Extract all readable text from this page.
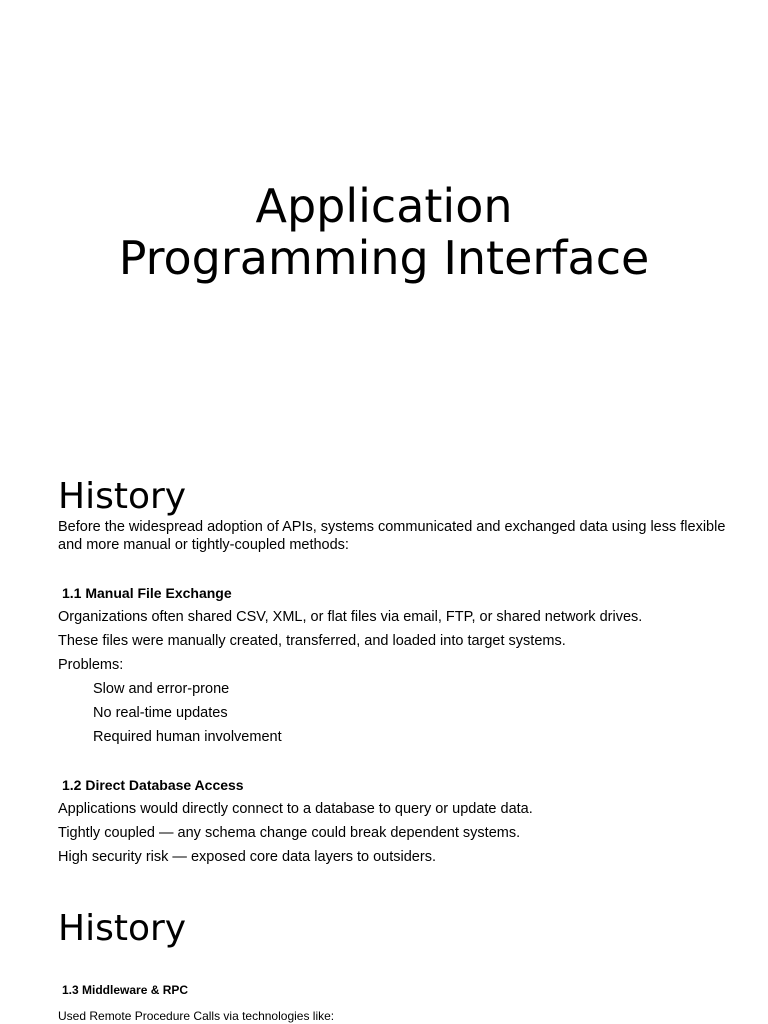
Application
Programming Interface
History

Before the widespread adoption of APIs, systems communicated and exchanged data using less flexible and more manual or tightly-coupled methods:

1.1 Manual File Exchange

Organizations often shared CSV, XML, or flat files via email, FTP, or shared network drives.

These files were manually created, transferred, and loaded into target systems.

Problems:

Slow and error-prone

No real-time updates

Required human involvement

1.2 Direct Database Access

Applications would directly connect to a database to query or update data.

Tightly coupled — any schema change could break dependent systems.

High security risk — exposed core data layers to outsiders.

History

1.3 Middleware & RPC

Used Remote Procedure Calls via technologies like:
